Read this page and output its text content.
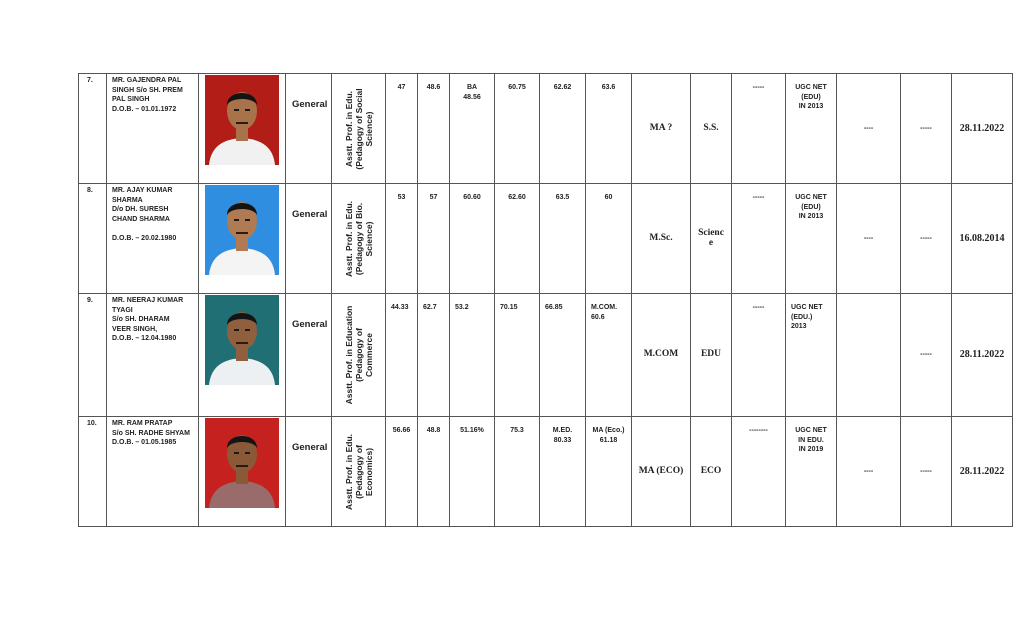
7.	MR. GAJENDRA PAL
SINGH S/o SH. PREM
PAL SINGH
D.O.B. – 01.01.1972		General	Asstt. Prof. in Edu.
(Pedagogy of Social
Science)	47	48.6	BA
48.56	60.75	62.62	63.6	MA ?	S.S.	-----	UGC NET
(EDU)
IN 2013	----	-----	28.11.2022
8.	MR. AJAY KUMAR
SHARMA
D/o DH. SURESH
CHAND SHARMA

D.O.B. – 20.02.1980		General	Asstt. Prof. in Edu.
(Pedagogy of Bio.
Science)	53	57	60.60	62.60	63.5	60	M.Sc.	Scienc
e	-----	UGC NET
(EDU)
IN 2013	----	-----	16.08.2014
9.	MR. NEERAJ KUMAR
TYAGI
S/o SH. DHARAM
VEER SINGH,
D.O.B. – 12.04.1980		General	Asstt. Prof. in Education
(Pedagogy of Commerce	44.33	62.7	53.2	70.15	66.85	M.COM.
60.6	M.COM	EDU	-----	UGC NET
(EDU.)
2013		-----	28.11.2022
10.	MR. RAM PRATAP
S/o SH. RADHE SHYAM
D.O.B. – 01.05.1985		General	Asstt. Prof. in Edu.
(Pedagogy of
Economics)	56.66	48.8	51.16%	75.3	M.ED.
80.33	MA (Eco.)
61.18	MA (ECO)	ECO	--------	UGC NET
IN EDU.
IN 2019	----	-----	28.11.2022
